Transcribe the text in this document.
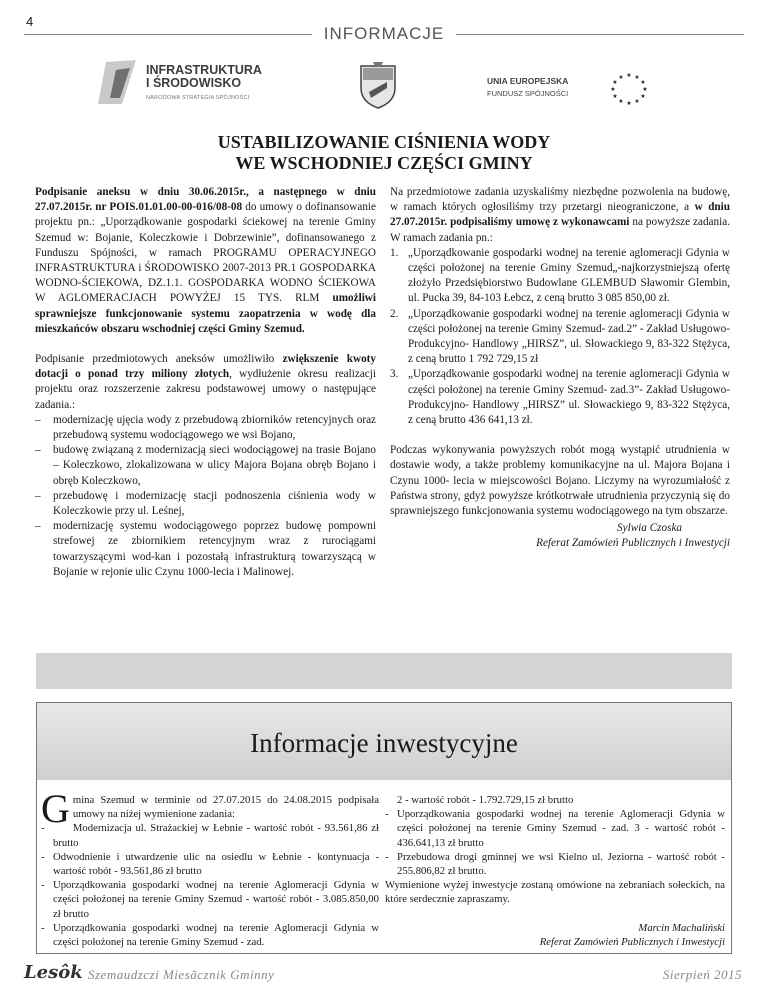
4
INFORMACJE
INFRASTRUKTURA
I ŚRODOWISKO
NARODOWA STRATEGIA SPÓJNOŚCI
UNIA EUROPEJSKA
FUNDUSZ SPÓJNOŚCI
★ ★
★
★
★
★
★
★
★
★
★
★
USTABILIZOWANIE CIŚNIENIA WODY
WE WSCHODNIEJ CZĘŚCI GMINY

Podpisanie aneksu w dniu 30.06.2015r., a następnego w dniu 27.07.2015r. nr POIS.01.01.00-00-016/08-08 do umowy o dofinansowanie projektu pn.: „Uporządkowanie gospodarki ściekowej na terenie Gminy Szemud w: Bojanie, Koleczkowie i Dobrzewinie”, dofinansowanego z Funduszu Spójności, w ramach PROGRAMU OPERACYJNEGO INFRASTRUKTURA i ŚRODOWISKO 2007-2013 PR.1 GOSPODARKA WODNO-ŚCIEKOWA, DZ.1.1. GOSPODARKA WODNO ŚCIEKOWA W AGLOMERACJACH POWYŻEJ 15 TYS. RLM umożliwi sprawniejsze funkcjonowanie systemu zaopatrzenia w wodę dla mieszkańców obszaru wschodniej części Gminy Szemud.

Podpisanie przedmiotowych aneksów umożliwiło zwiększenie kwoty dotacji o ponad trzy miliony złotych, wydłużenie okresu realizacji projektu oraz rozszerzenie zakresu podstawowej umowy o następujące zadania.:

– modernizację ujęcia wody z przebudową zbiorników retencyjnych oraz przebudową systemu wodociągowego we wsi Bojano,
– budowę związaną z modernizacją sieci wodociągowej na trasie Bojano – Koleczkowo, zlokalizowana w ulicy Majora Bojana obręb Bojano i obręb Koleczkowo,
– przebudowę i modernizację stacji podnoszenia ciśnienia wody w Koleczkowie przy ul. Leśnej,
– modernizację systemu wodociągowego poprzez budowę pompowni strefowej ze zbiornikiem retencyjnym wraz z rurociągami towarzyszącymi wod-kan i pozostałą infrastrukturą towarzyszącą w Bojanie w rejonie ulic Czynu 1000-lecia i Malinowej.

Na przedmiotowe zadania uzyskaliśmy niezbędne pozwolenia na budowę, w ramach których ogłosiliśmy trzy przetargi nieograniczone, a w dniu 27.07.2015r. podpisaliśmy umowę z wykonawcami na powyższe zadania. W ramach zadania pn.:

1. „Uporządkowanie gospodarki wodnej na terenie aglomeracji Gdynia w części położonej na terenie Gminy Szemud„-najkorzystniejszą ofertę złożyło Przedsiębiorstwo Budowlane GLEMBUD Sławomir Glembin, ul. Pucka 39, 84-103 Łebcz, z ceną brutto 3 085 850,00 zł.
2. „Uporządkowanie gospodarki wodnej na terenie aglomeracji Gdynia w części położonej na terenie Gminy Szemud- zad.2” - Zakład Usługowo- Produkcyjno- Handlowy „HIRSZ”, ul. Słowackiego 9, 83-322 Stężyca, z ceną brutto 1 792 729,15 zł
3. „Uporządkowanie gospodarki wodnej na terenie aglomeracji Gdynia w części położonej na terenie Gminy Szemud- zad.3”- Zakład Usługowo- Produkcyjno- Handlowy „HIRSZ” ul. Słowackiego 9, 83-322 Stężyca, z ceną brutto 436 641,13 zł.

Podczas wykonywania powyższych robót mogą wystąpić utrudnienia w dostawie wody, a także problemy komunikacyjne na ul. Majora Bojana i Czynu 1000- lecia w miejscowości Bojano. Liczymy na wyrozumiałość z Państwa strony, gdyż powyższe krótkotrwałe utrudnienia przyczynią się do sprawniejszego funkcjonowania systemu wodociągowego na tym obszarze.

Sylwia Czoska
Referat Zamówień Publicznych i Inwestycji
Informacje inwestycyjne
Gmina Szemud w terminie od 27.07.2015 do 24.08.2015 podpisała umowy na niżej wymienione zadania:
- Modernizacja ul. Strażackiej w Łebnie - wartość robót - 93.561,86 zł brutto
- Odwodnienie i utwardzenie ulic na osiedlu w Łebnie - kontynuacja - wartość robót - 93.561,86 zł brutto
- Uporządkowania gospodarki wodnej na terenie Aglomeracji Gdynia w części położonej na terenie Gminy Szemud - wartość robót - 3.085.850,00 zł brutto
- Uporządkowania gospodarki wodnej na terenie Aglomeracji Gdynia w części położonej na terenie Gminy Szemud - zad.
2 - wartość robót - 1.792.729,15 zł brutto
- Uporządkowania gospodarki wodnej na terenie Aglomeracji Gdynia w części położonej na terenie Gminy Szemud - zad. 3 - wartość robót - 436.641,13 zł brutto
- Przebudowa drogi gminnej we wsi Kielno ul. Jeziorna - wartość robót - 255.806,82 zł brutto.
Wymienione wyżej inwestycje zostaną omówione na zebraniach sołeckich, na które serdecznie zapraszamy.
Marcin Machaliński
Referat Zamówień Publicznych i Inwestycji
Lesôk Szemaudzczi Miesãcznik Gminny	Sierpień 2015
